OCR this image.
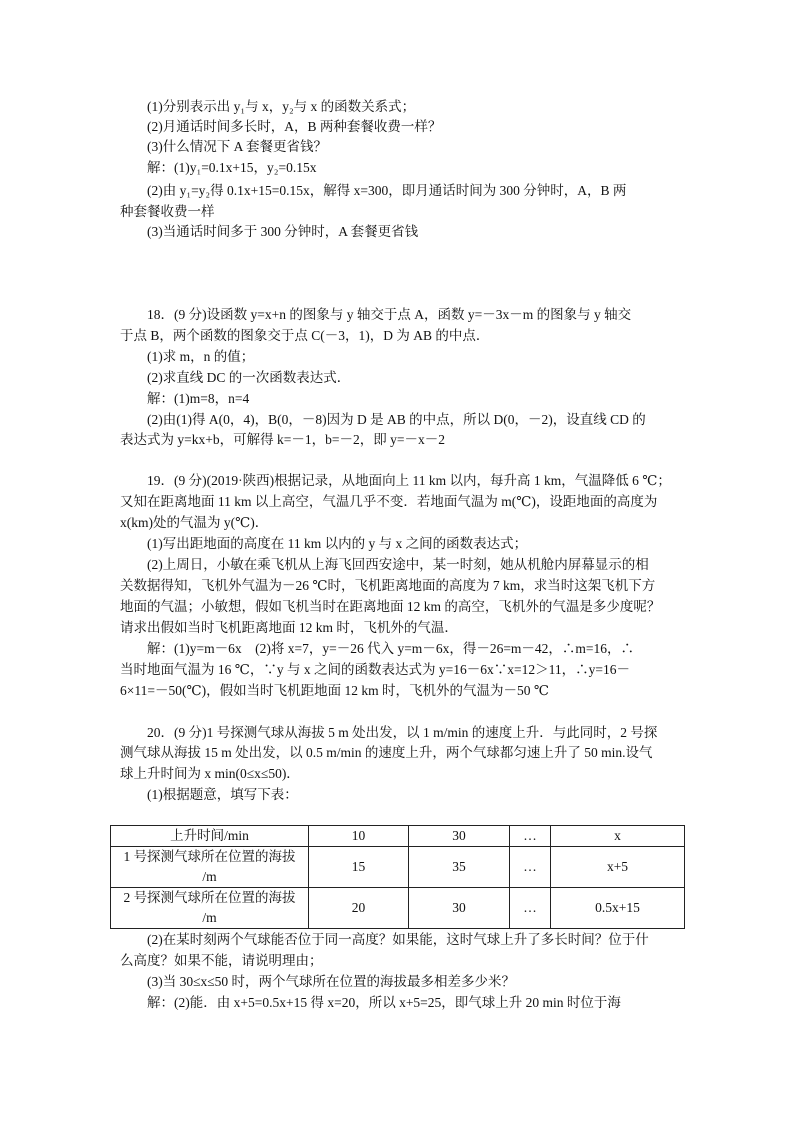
(1)分别表示出 y₁与 x，y₂与 x 的函数关系式；
(2)月通话时间多长时，A，B 两种套餐收费一样？
(3)什么情况下 A 套餐更省钱？
解：(1)y₁=0.1x+15，y₂=0.15x
(2)由 y₁=y₂得 0.1x+15=0.15x，解得 x=300，即月通话时间为 300 分钟时，A，B 两
种套餐收费一样
(3)当通话时间多于 300 分钟时，A 套餐更省钱
18．(9 分)设函数 y=x+n 的图象与 y 轴交于点 A，函数 y=－3x－m 的图象与 y 轴交
于点 B，两个函数的图象交于点 C(－3，1)，D 为 AB 的中点．
(1)求 m，n 的值；
(2)求直线 DC 的一次函数表达式．
解：(1)m=8，n=4
(2)由(1)得 A(0，4)，B(0，－8)因为 D 是 AB 的中点，所以 D(0，－2)，设直线 CD 的
表达式为 y=kx+b，可解得 k=－1，b=－2，即 y=－x－2
19．(9 分)(2019·陕西)根据记录，从地面向上 11 km 以内，每升高 1 km，气温降低 6 ℃；
又知在距离地面 11 km 以上高空，气温几乎不变．若地面气温为 m(℃)，设距地面的高度为
x(km)处的气温为 y(℃)．
(1)写出距地面的高度在 11 km 以内的 y 与 x 之间的函数表达式；
(2)上周日，小敏在乘飞机从上海飞回西安途中，某一时刻，她从机舱内屏幕显示的相
关数据得知，飞机外气温为－26 ℃时，飞机距离地面的高度为 7 km，求当时这架飞机下方
地面的气温；小敏想，假如飞机当时在距离地面 12 km 的高空，飞机外的气温是多少度呢？
请求出假如当时飞机距离地面 12 km 时，飞机外的气温．
解：(1)y=m－6x　(2)将 x=7，y=－26 代入 y=m－6x，得－26=m－42，∴m=16，∴
当时地面气温为 16 ℃，∵y 与 x 之间的函数表达式为 y=16－6x∵x=12＞11，∴y=16－
6×11=－50(℃)，假如当时飞机距地面 12 km 时，飞机外的气温为－50 ℃
20．(9 分)1 号探测气球从海拔 5 m 处出发，以 1 m/min 的速度上升．与此同时，2 号探
测气球从海拔 15 m 处出发，以 0.5 m/min 的速度上升，两个气球都匀速上升了 50 min.设气
球上升时间为 x min(0≤x≤50)．
(1)根据题意，填写下表：
上升时间/min	10	30	…	x

1 号探测气球所在位置的海拔
/m	15	35	…	x+5

2 号探测气球所在位置的海拔
/m	20	30	…	0.5x+15
(2)在某时刻两个气球能否位于同一高度？如果能，这时气球上升了多长时间？位于什
么高度？如果不能，请说明理由；
(3)当 30≤x≤50 时，两个气球所在位置的海拔最多相差多少米？
解：(2)能．由 x+5=0.5x+15 得 x=20，所以 x+5=25，即气球上升 20 min 时位于海
